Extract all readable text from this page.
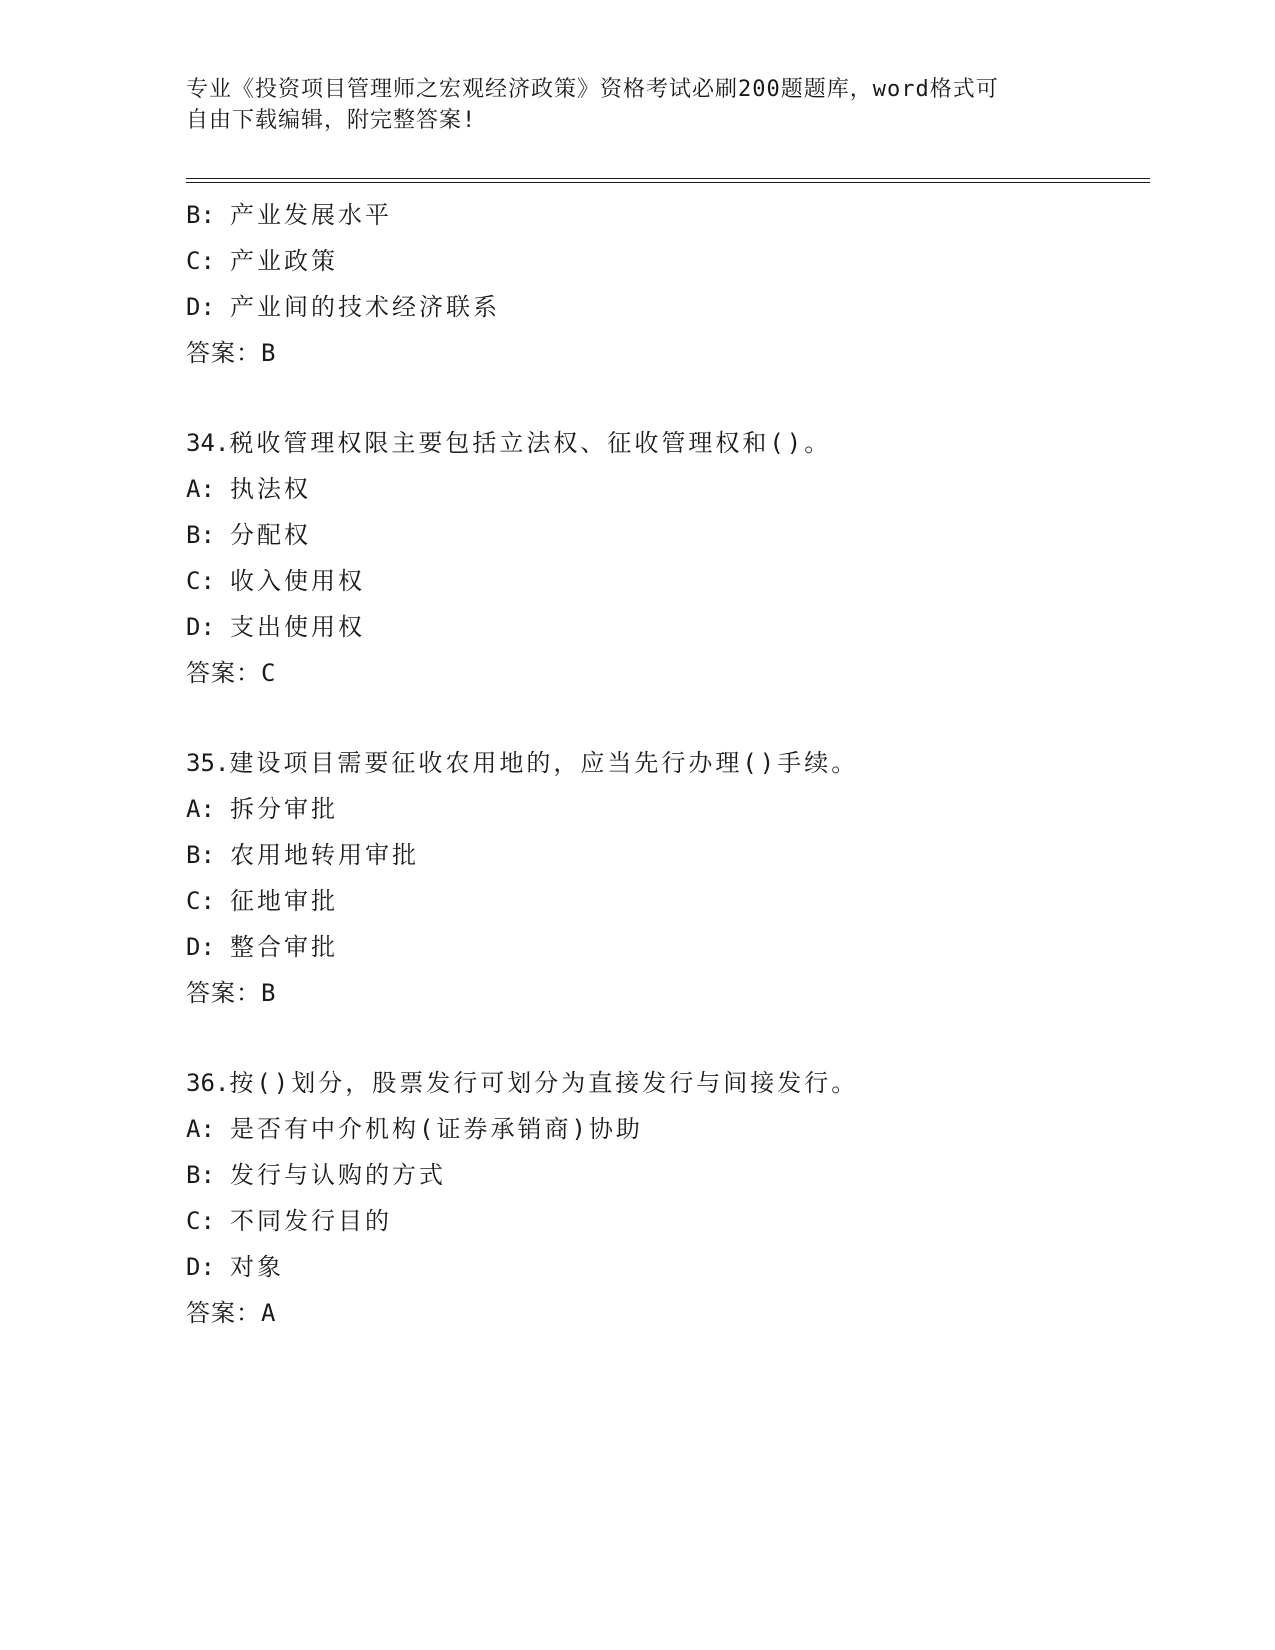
专业《投资项目管理师之宏观经济政策》资格考试必刷200题题库，word格式可
自由下载编辑，附完整答案!
B: 产业发展水平
C: 产业政策
D: 产业间的技术经济联系
答案：B
34.税收管理权限主要包括立法权、征收管理权和()。
A: 执法权
B: 分配权
C: 收入使用权
D: 支出使用权
答案：C
35.建设项目需要征收农用地的，应当先行办理()手续。
A: 拆分审批
B: 农用地转用审批
C: 征地审批
D: 整合审批
答案：B
36.按()划分，股票发行可划分为直接发行与间接发行。
A: 是否有中介机构(证券承销商)协助
B: 发行与认购的方式
C: 不同发行目的
D: 对象
答案：A
